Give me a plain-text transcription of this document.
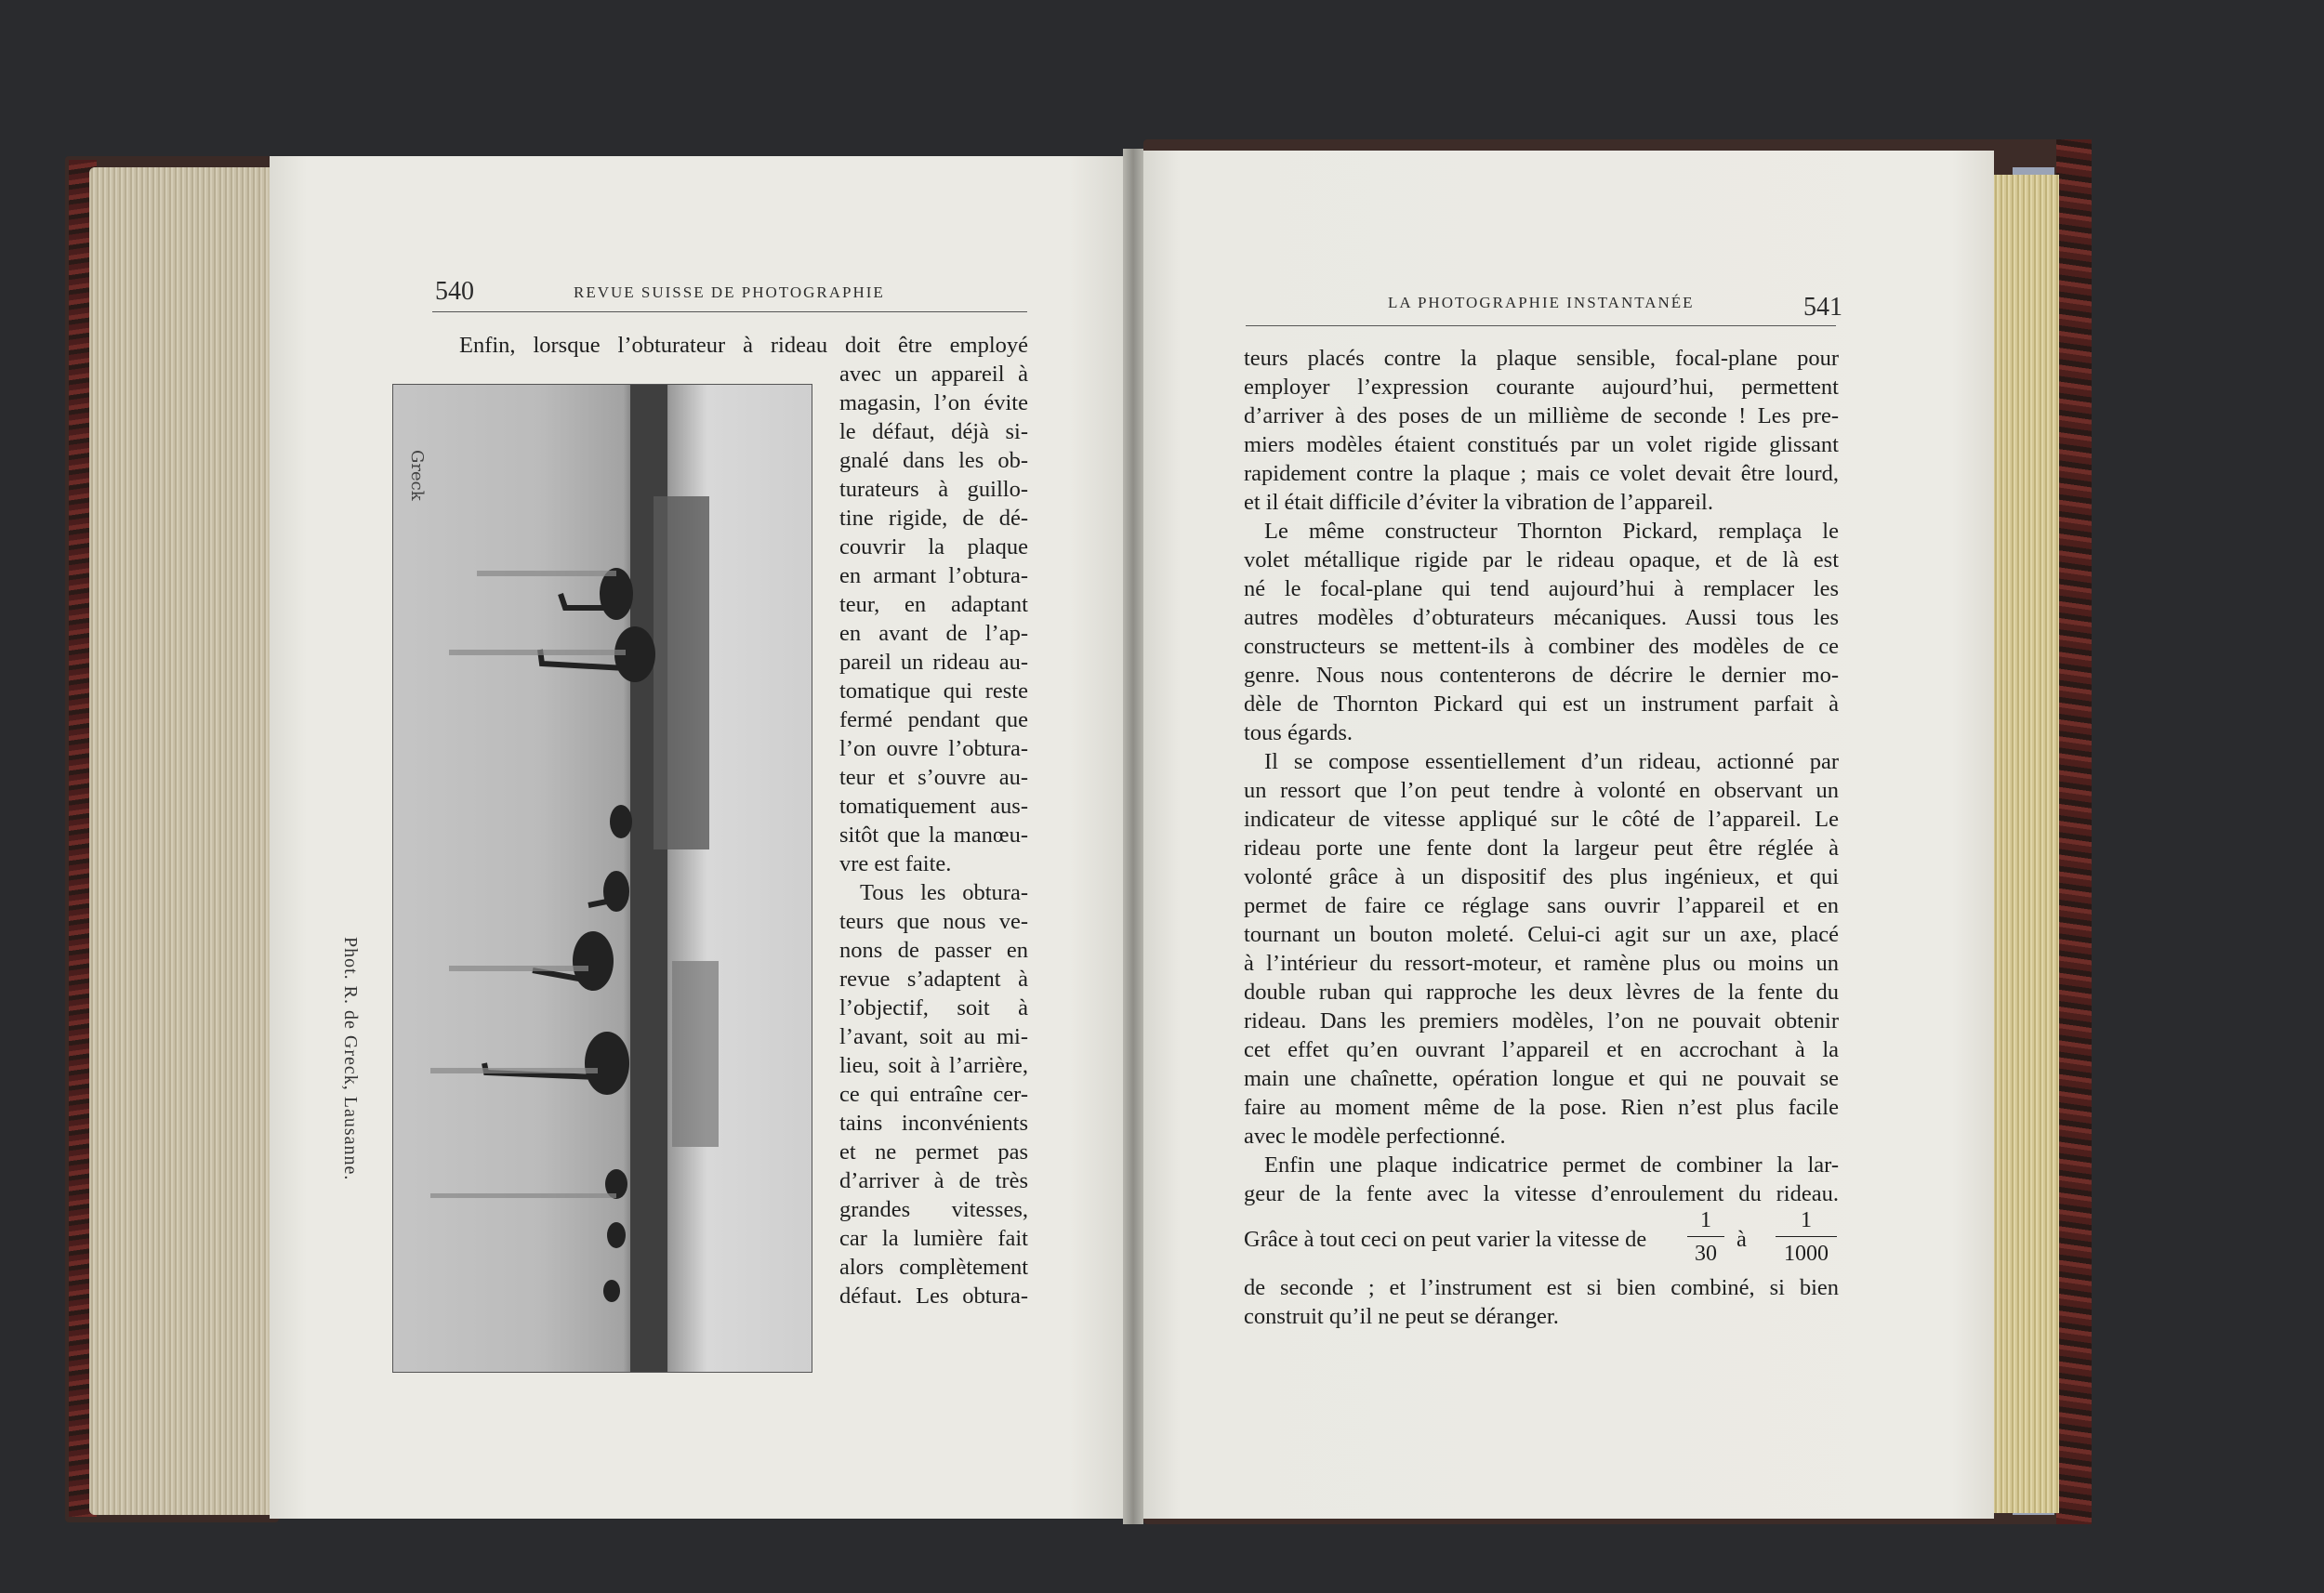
540	REVUE SUISSE DE PHOTOGRAPHIE
Greck
Phot. R. de Greck, Lausanne.
Enfin, lorsque l’obturateur à rideau doit être employé
avec un appareil à
magasin, l’on évite
le défaut, déjà si-
gnalé dans les ob-
turateurs à guillo-
tine rigide, de dé-
couvrir la plaque
en armant l’obtura-
teur, en adaptant
en avant de l’ap-
pareil un rideau au-
tomatique qui reste
fermé pendant que
l’on ouvre l’obtura-
teur et s’ouvre au-
tomatiquement aus-
sitôt que la manœu-
vre est faite.
Tous les obtura-
teurs que nous ve-
nons de passer en
revue s’adaptent à
l’objectif, soit à
l’avant, soit au mi-
lieu, soit à l’arrière,
ce qui entraîne cer-
tains inconvénients
et ne permet pas
d’arriver à de très
grandes vitesses,
car la lumière fait
alors complètement
défaut. Les obtura-
LA PHOTOGRAPHIE INSTANTANÉE	541
teurs placés contre la plaque sensible, focal-plane pour
employer l’expression courante aujourd’hui, permettent
d’arriver à des poses de un millième de seconde ! Les pre-
miers modèles étaient constitués par un volet rigide glissant
rapidement contre la plaque ; mais ce volet devait être lourd,
et il était difficile d’éviter la vibration de l’appareil.
Le même constructeur Thornton Pickard, remplaça le
volet métallique rigide par le rideau opaque, et de là est
né le focal-plane qui tend aujourd’hui à remplacer les
autres modèles d’obturateurs mécaniques. Aussi tous les
constructeurs se mettent-ils à combiner des modèles de ce
genre. Nous nous contenterons de décrire le dernier mo-
dèle de Thornton Pickard qui est un instrument parfait à
tous égards.
Il se compose essentiellement d’un rideau, actionné par
un ressort que l’on peut tendre à volonté en observant un
indicateur de vitesse appliqué sur le côté de l’appareil. Le
rideau porte une fente dont la largeur peut être réglée à
volonté grâce à un dispositif des plus ingénieux, et qui
permet de faire ce réglage sans ouvrir l’appareil et en
tournant un bouton moleté. Celui-ci agit sur un axe, placé
à l’intérieur du ressort-moteur, et ramène plus ou moins un
double ruban qui rapproche les deux lèvres de la fente du
rideau. Dans les premiers modèles, l’on ne pouvait obtenir
cet effet qu’en ouvrant l’appareil et en accrochant à la
main une chaînette, opération longue et qui ne pouvait se
faire au moment même de la pose. Rien n’est plus facile
avec le modèle perfectionné.
Enfin une plaque indicatrice permet de combiner la lar-
geur de la fente avec la vitesse d’enroulement du rideau.
Grâce à tout ceci on peut varier la vitesse de
1
30
à
1
1000
de seconde ; et l’instrument est si bien combiné, si bien
construit qu’il ne peut se déranger.
